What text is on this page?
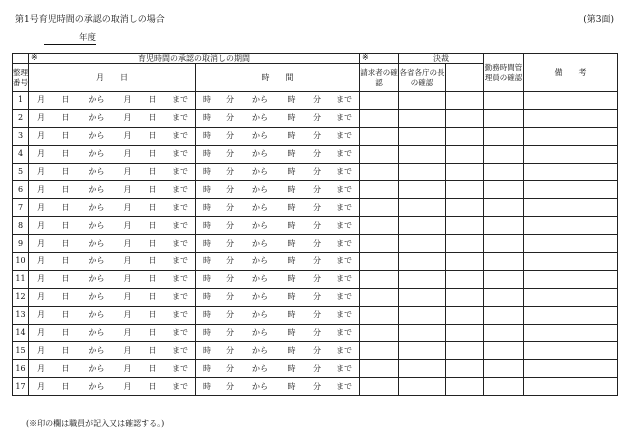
第1号育児時間の承認の取消しの場合	(第3面)
年度

	※ 育児時間の承認の取消しの期間		※	決裁		勤務時間管理員の確認	備　　考
整理番号	月　　日	時　　間	請求者の確認	各省各庁の長の確認			
1	月 日 から 月 日 まで	時 分 から 時 分 まで					
2	月 日 から 月 日 まで	時 分 から 時 分 まで					
3	月 日 から 月 日 まで	時 分 から 時 分 まで					
4	月 日 から 月 日 まで	時 分 から 時 分 まで					
5	月 日 から 月 日 まで	時 分 から 時 分 まで					
6	月 日 から 月 日 まで	時 分 から 時 分 まで					
7	月 日 から 月 日 まで	時 分 から 時 分 まで					
8	月 日 から 月 日 まで	時 分 から 時 分 まで					
9	月 日 から 月 日 まで	時 分 から 時 分 まで					
10	月 日 から 月 日 まで	時 分 から 時 分 まで					
11	月 日 から 月 日 まで	時 分 から 時 分 まで					
12	月 日 から 月 日 まで	時 分 から 時 分 まで					
13	月 日 から 月 日 まで	時 分 から 時 分 まで					
14	月 日 から 月 日 まで	時 分 から 時 分 まで					
15	月 日 から 月 日 まで	時 分 から 時 分 まで					
16	月 日 から 月 日 まで	時 分 から 時 分 まで					
17	月 日 から 月 日 まで	時 分 から 時 分 まで					
(※印の欄は職員が記入又は確認する。)
